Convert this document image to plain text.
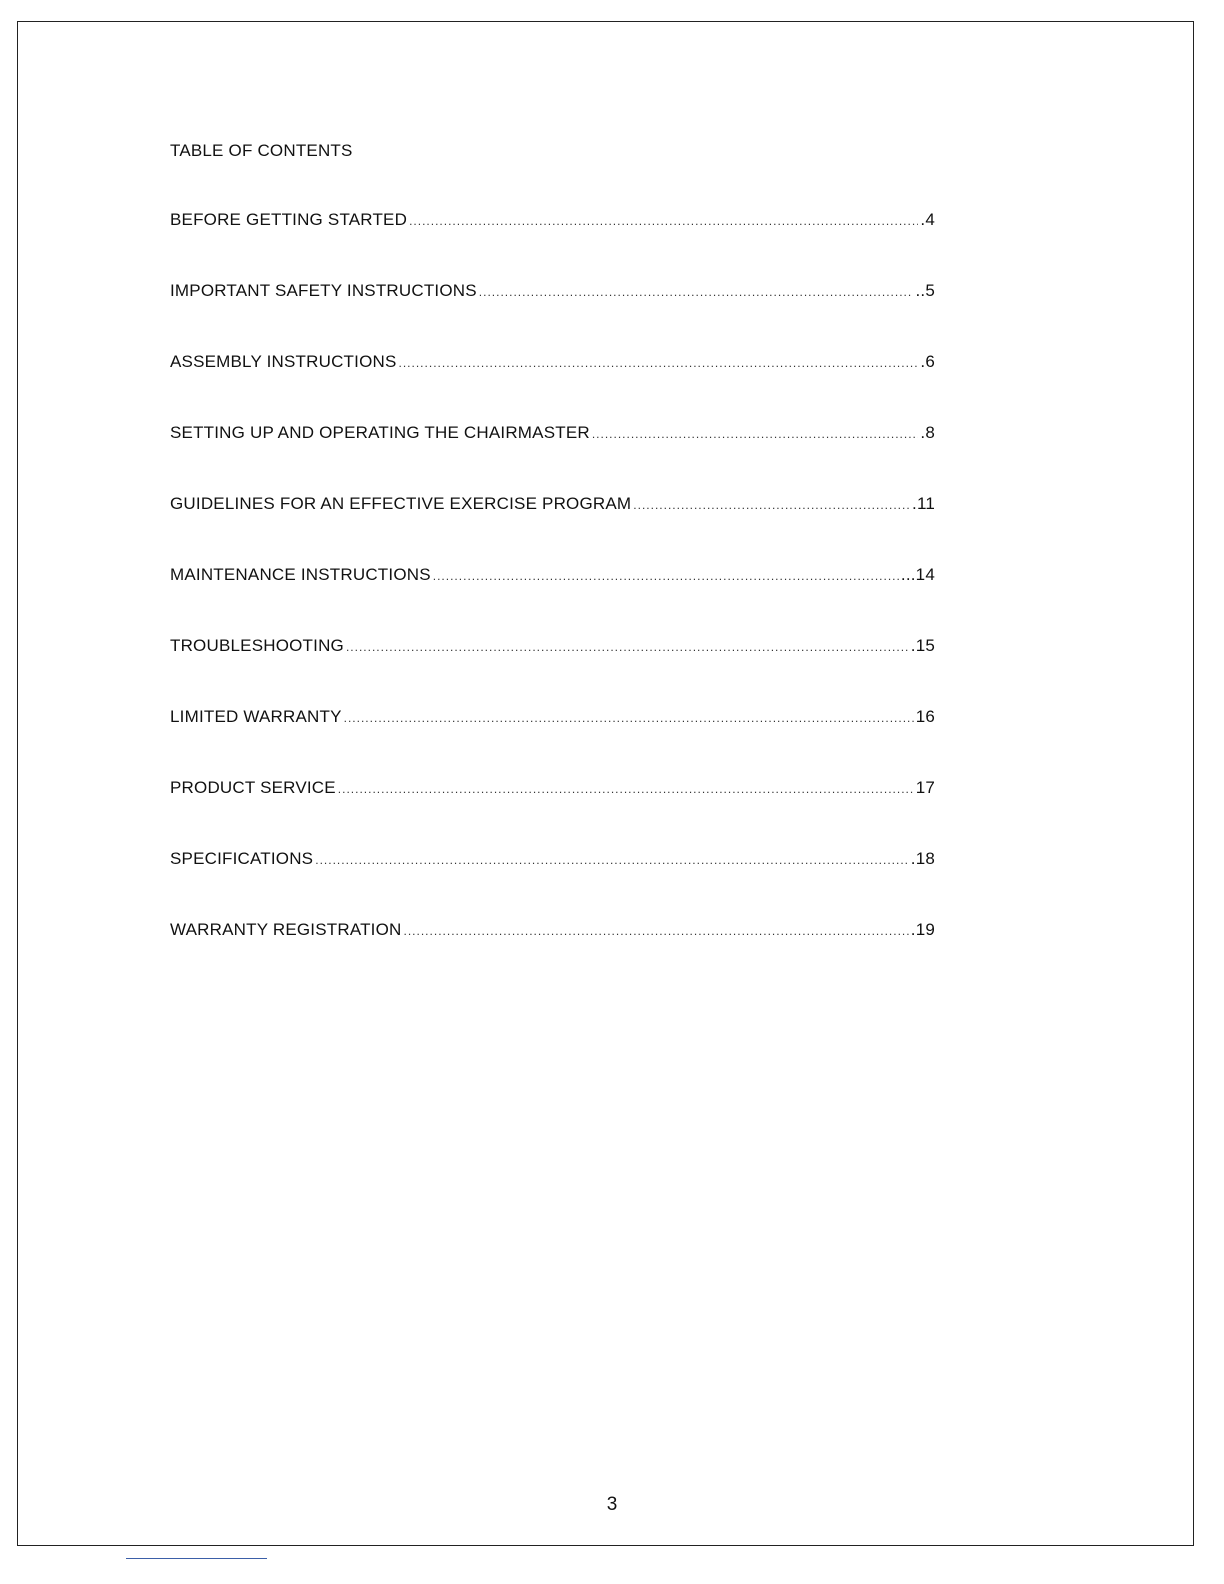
TABLE OF CONTENTS
BEFORE GETTING STARTED .....	.4
IMPORTANT SAFETY INSTRUCTIONS .....	..5
ASSEMBLY INSTRUCTIONS .....	.6
SETTING UP AND OPERATING THE CHAIRMASTER .....	.8
GUIDELINES FOR AN EFFECTIVE EXERCISE PROGRAM .....	.11
MAINTENANCE INSTRUCTIONS .....	...14
TROUBLESHOOTING .....	.15
LIMITED WARRANTY .....	16
PRODUCT SERVICE .....	17
SPECIFICATIONS .....	.18
WARRANTY REGISTRATION .....	.19
3
